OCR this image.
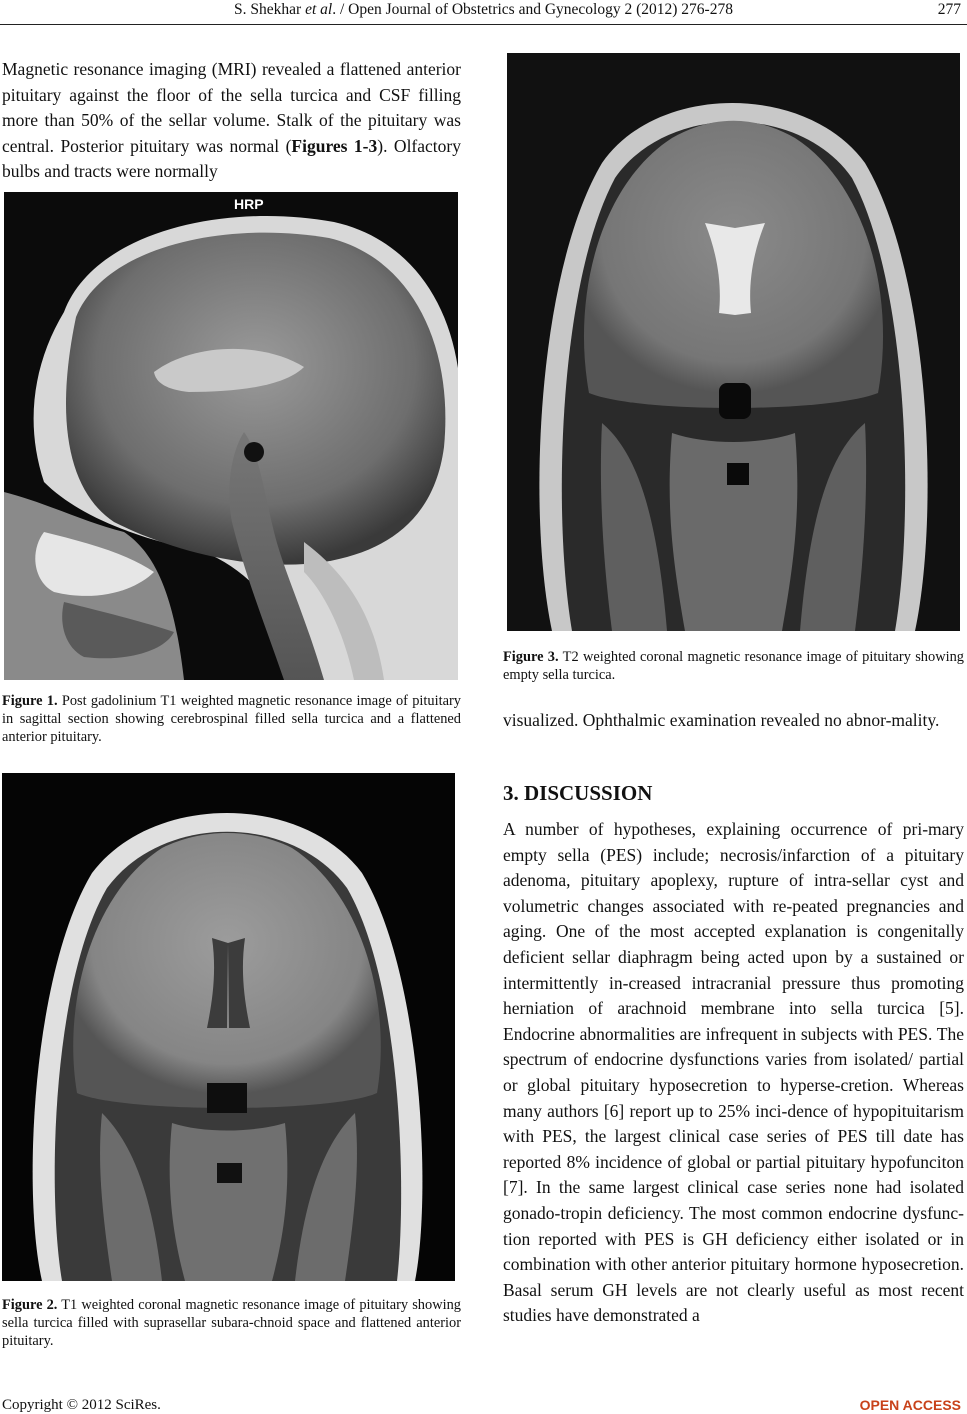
S. Shekhar et al. / Open Journal of Obstetrics and Gynecology 2 (2012) 276-278	277

Magnetic resonance imaging (MRI) revealed a flattened anterior pituitary against the floor of the sella turcica and CSF filling more than 50% of the sellar volume. Stalk of the pituitary was central. Posterior pituitary was normal (Figures 1-3). Olfactory bulbs and tracts were normally

HRP

Figure 1. Post gadolinium T1 weighted magnetic resonance image of pituitary in sagittal section showing cerebrospinal filled sella turcica and a flattened anterior pituitary.

Figure 2. T1 weighted coronal magnetic resonance image of pituitary showing sella turcica filled with suprasellar subara-chnoid space and flattened anterior pituitary.

Figure 3. T2 weighted coronal magnetic resonance image of pituitary showing empty sella turcica.

visualized. Ophthalmic examination revealed no abnor-mality.

3. DISCUSSION

A number of hypotheses, explaining occurrence of pri-mary empty sella (PES) include; necrosis/infarction of a pituitary adenoma, pituitary apoplexy, rupture of intra-sellar cyst and volumetric changes associated with re-peated pregnancies and aging. One of the most accepted explanation is congenitally deficient sellar diaphragm being acted upon by a sustained or intermittently in-creased intracranial pressure thus promoting herniation of arachnoid membrane into sella turcica [5]. Endocrine abnormalities are infrequent in subjects with PES. The spectrum of endocrine dysfunctions varies from isolated/ partial or global pituitary hyposecretion to hyperse-cretion. Whereas many authors [6] report up to 25% inci-dence of hypopituitarism with PES, the largest clinical case series of PES till date has reported 8% incidence of global or partial pituitary hypofunciton [7]. In the same largest clinical case series none had isolated gonado-tropin deficiency. The most common endocrine dysfunc-tion reported with PES is GH deficiency either isolated or in combination with other anterior pituitary hormone hyposecretion. Basal serum GH levels are not clearly useful as most recent studies have demonstrated a

Copyright © 2012 SciRes.	OPEN ACCESS
